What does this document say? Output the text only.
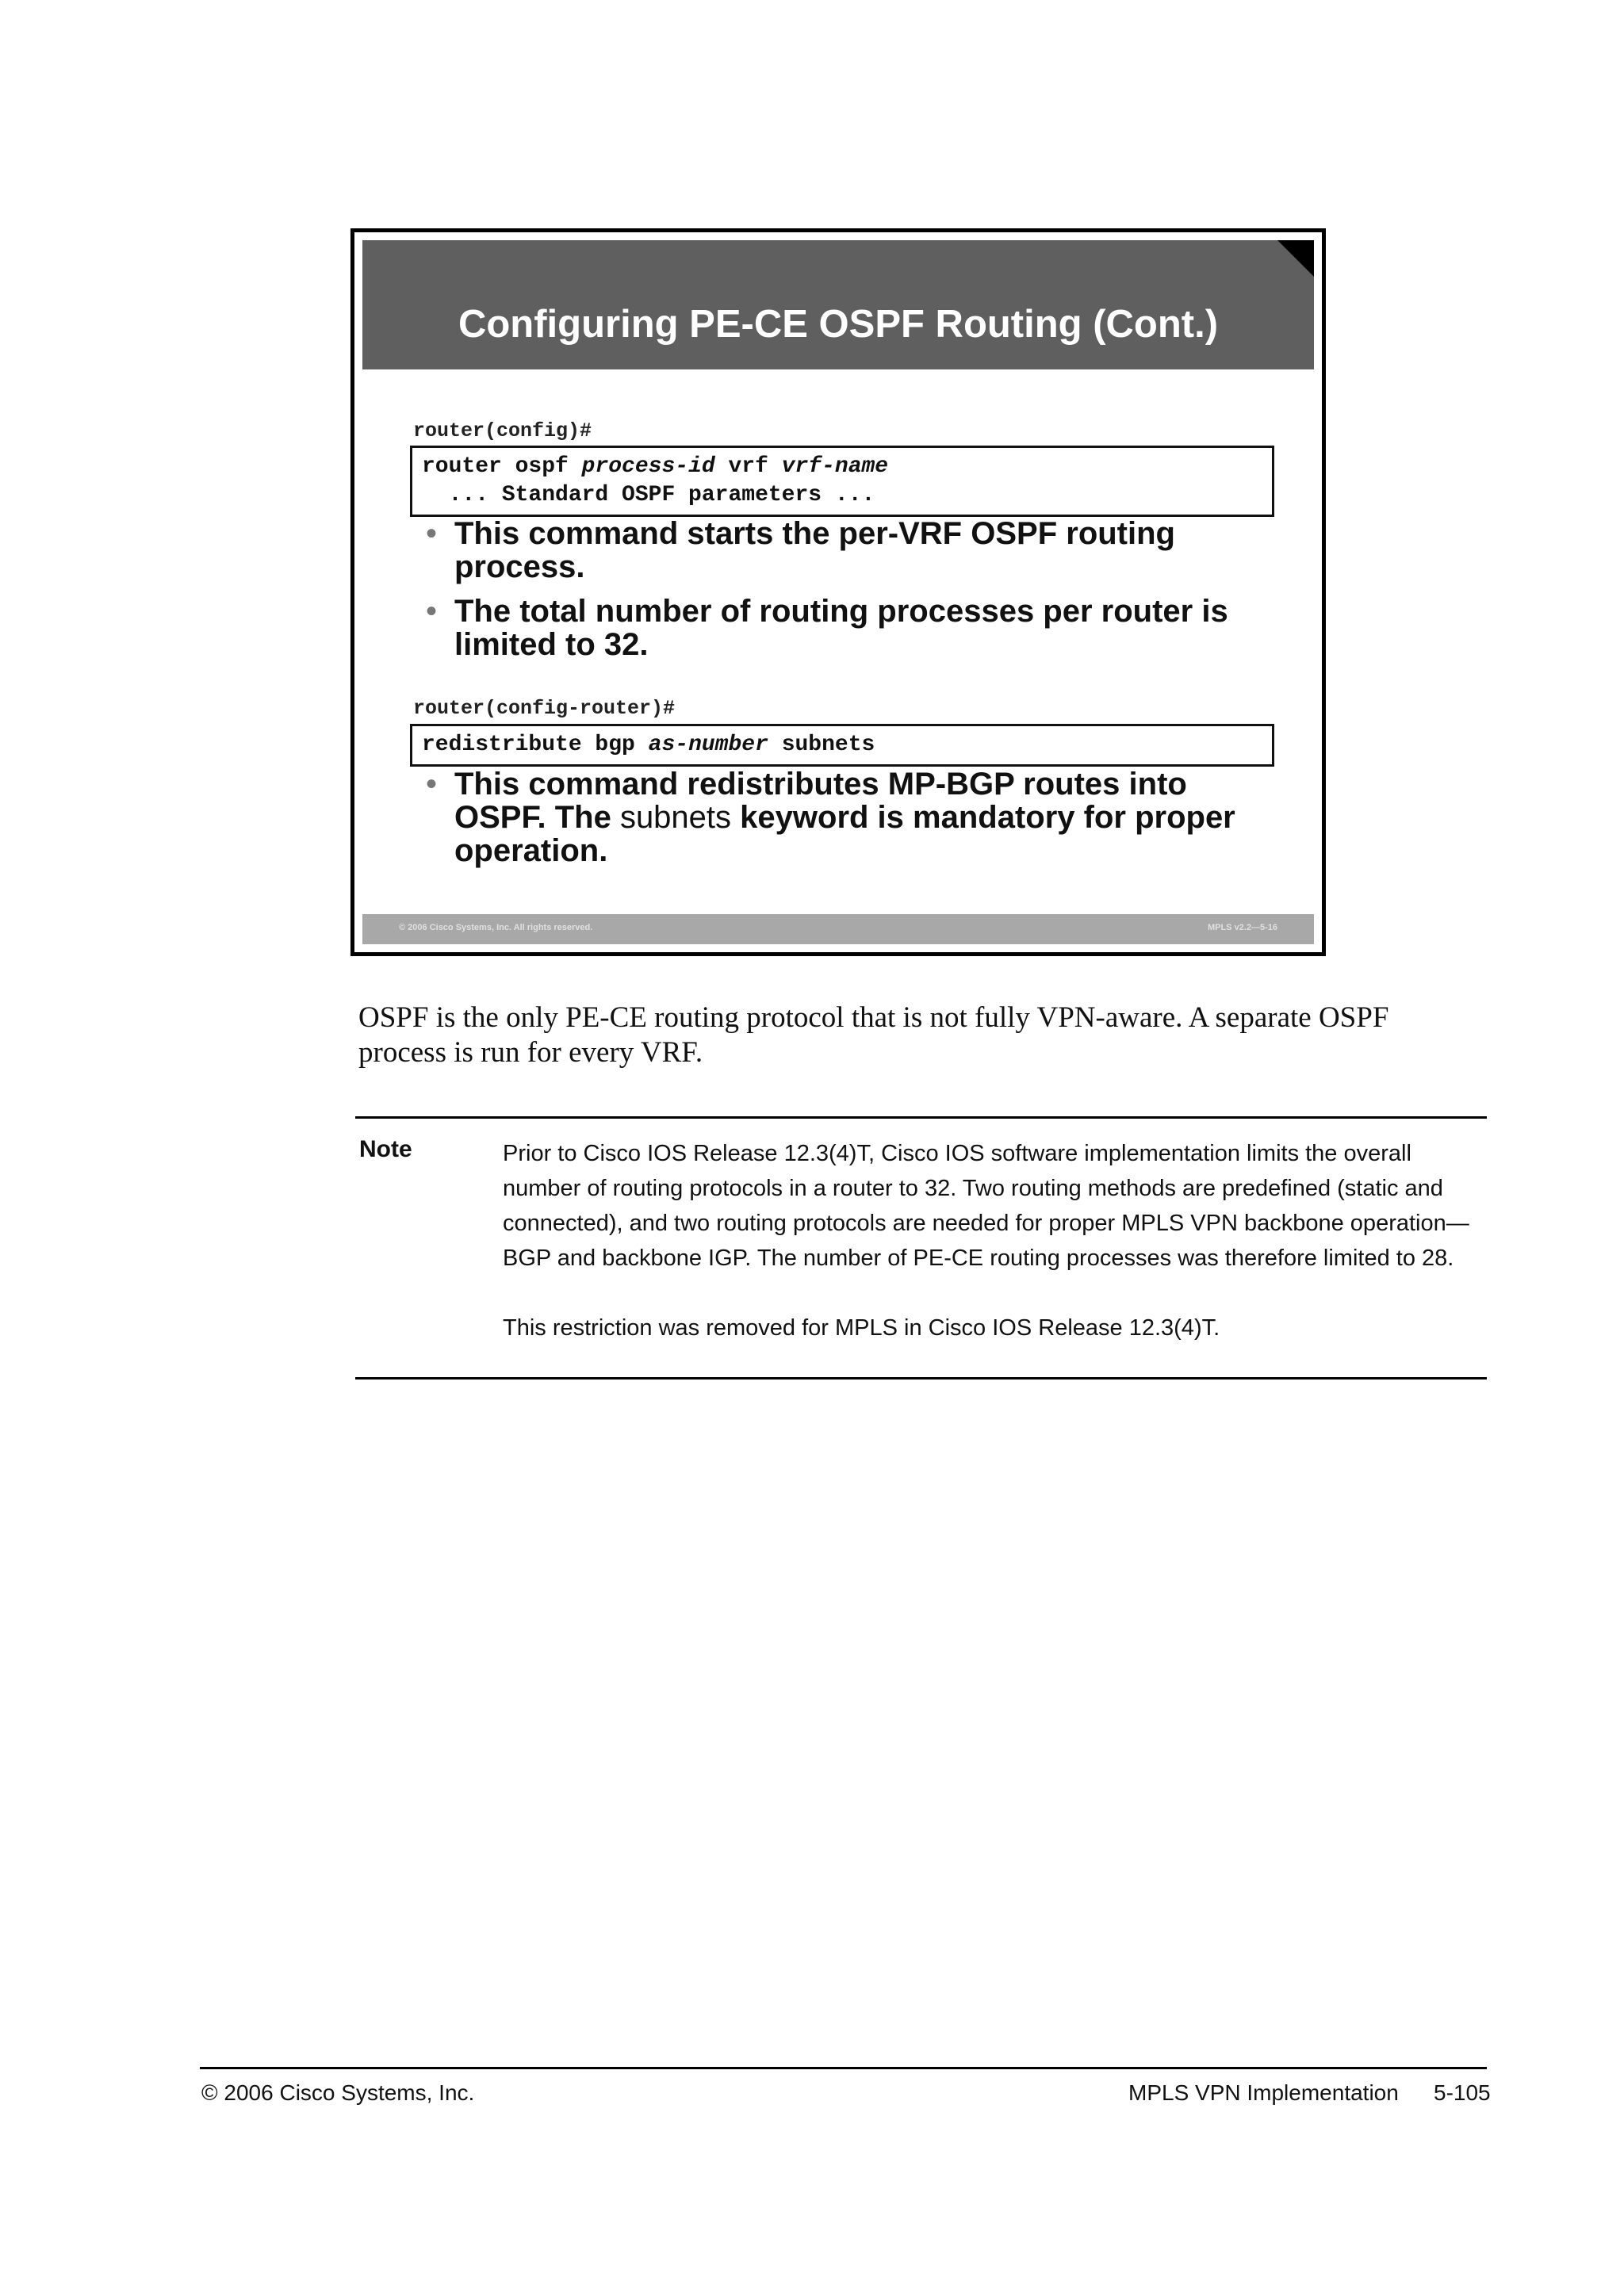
Configuring PE-CE OSPF Routing (Cont.)
router(config)#
router ospf process-id vrf vrf-name
... Standard OSPF parameters ...
• This command starts the per-VRF OSPF routing process.
• The total number of routing processes per router is limited to 32.
router(config-router)#
redistribute bgp as-number subnets
• This command redistributes MP-BGP routes into OSPF. The subnets keyword is mandatory for proper operation.
© 2006 Cisco Systems, Inc. All rights reserved.	MPLS v2.2—5-16
OSPF is the only PE-CE routing protocol that is not fully VPN-aware. A separate OSPF process is run for every VRF.
Note	Prior to Cisco IOS Release 12.3(4)T, Cisco IOS software implementation limits the overall number of routing protocols in a router to 32. Two routing methods are predefined (static and connected), and two routing protocols are needed for proper MPLS VPN backbone operation—BGP and backbone IGP. The number of PE-CE routing processes was therefore limited to 28.

This restriction was removed for MPLS in Cisco IOS Release 12.3(4)T.

© 2006 Cisco Systems, Inc.	MPLS VPN Implementation 5-105
